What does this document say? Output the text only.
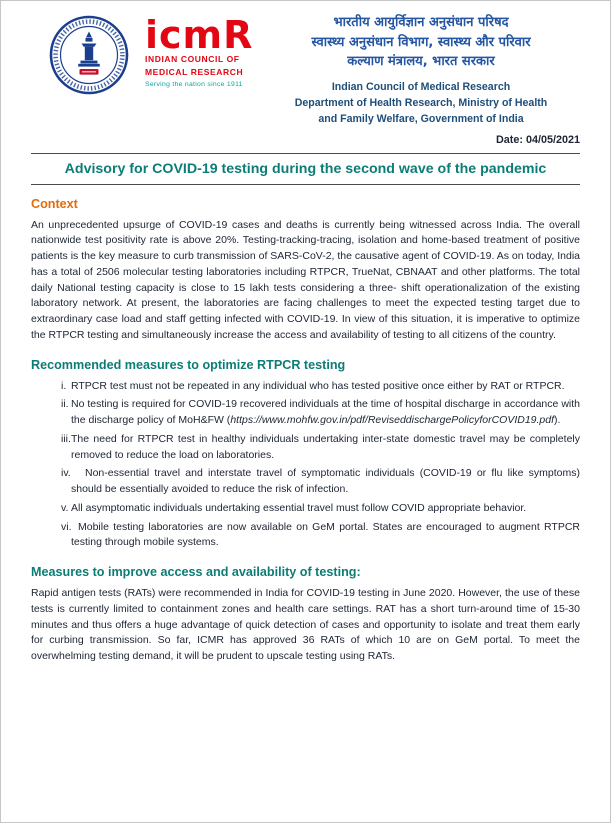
icmR
INDIAN COUNCIL OF
MEDICAL RESEARCH
Serving the nation since 1911
भारतीय आयुर्विज्ञान अनुसंधान परिषद
स्वास्थ्य अनुसंधान विभाग, स्वास्थ्य और परिवार
कल्याण मंत्रालय, भारत सरकार
Indian Council of Medical Research
Department of Health Research, Ministry of Health
and Family Welfare, Government of India
Date: 04/05/2021
Advisory for COVID-19 testing during the second wave of the pandemic
Context

An unprecedented upsurge of COVID-19 cases and deaths is currently being witnessed across India. The overall nationwide test positivity rate is above 20%. Testing-tracking-tracing, isolation and home-based treatment of positive patients is the key measure to curb transmission of SARS-CoV-2, the causative agent of COVID-19. As on today, India has a total of 2506 molecular testing laboratories including RTPCR, TrueNat, CBNAAT and other platforms. The total daily National testing capacity is close to 15 lakh tests considering a three- shift operationalization of the existing laboratory network. At present, the laboratories are facing challenges to meet the expected testing target due to extraordinary case load and staff getting infected with COVID-19. In view of this situation, it is imperative to optimize the RTPCR testing and simultaneously increase the access and availability of testing to all citizens of the country.

Recommended measures to optimize RTPCR testing
i. RTPCR test must not be repeated in any individual who has tested positive once either by RAT or RTPCR.
ii. No testing is required for COVID-19 recovered individuals at the time of hospital discharge in accordance with the discharge policy of MoH&FW (https://www.mohfw.gov.in/pdf/ReviseddischargePolicyforCOVID19.pdf).
iii. The need for RTPCR test in healthy individuals undertaking inter-state domestic travel may be completely removed to reduce the load on laboratories.
iv.	Non-essential travel and interstate travel of symptomatic individuals (COVID-19 or flu like symptoms) should be essentially avoided to reduce the risk of infection.
v. All asymptomatic individuals undertaking essential travel must follow COVID appropriate behavior.
vi. Mobile testing laboratories are now available on GeM portal. States are encouraged to augment RTPCR testing through mobile systems.
Measures to improve access and availability of testing:

Rapid antigen tests (RATs) were recommended in India for COVID-19 testing in June 2020. However, the use of these tests is currently limited to containment zones and health care settings. RAT has a short turn-around time of 15-30 minutes and thus offers a huge advantage of quick detection of cases and opportunity to isolate and treat them early for curbing transmission. So far, ICMR has approved 36 RATs of which 10 are on GeM portal. To meet the overwhelming testing demand, it will be prudent to upscale testing using RATs.
